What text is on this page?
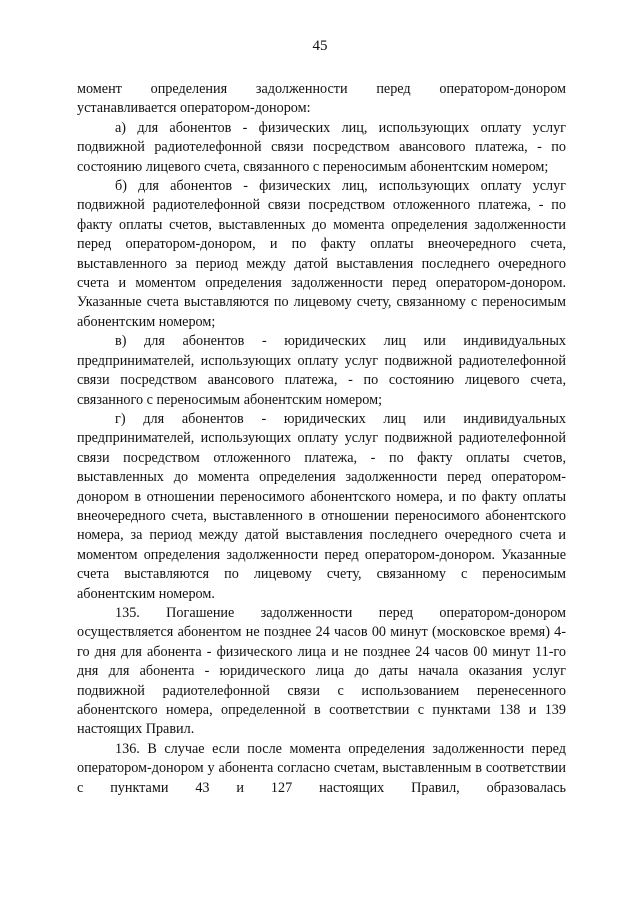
45

момент определения задолженности перед оператором-донором устанавливается оператором-донором:

а) для абонентов - физических лиц, использующих оплату услуг подвижной радиотелефонной связи посредством авансового платежа, - по состоянию лицевого счета, связанного с переносимым абонентским номером;

б) для абонентов - физических лиц, использующих оплату услуг подвижной радиотелефонной связи посредством отложенного платежа, - по факту оплаты счетов, выставленных до момента определения задолженности перед оператором-донором, и по факту оплаты внеочередного счета, выставленного за период между датой выставления последнего очередного счета и моментом определения задолженности перед оператором-донором. Указанные счета выставляются по лицевому счету, связанному с переносимым абонентским номером;

в) для абонентов - юридических лиц или индивидуальных предпринимателей, использующих оплату услуг подвижной радиотелефонной связи посредством авансового платежа, - по состоянию лицевого счета, связанного с переносимым абонентским номером;

г) для абонентов - юридических лиц или индивидуальных предпринимателей, использующих оплату услуг подвижной радиотелефонной связи посредством отложенного платежа, - по факту оплаты счетов, выставленных до момента определения задолженности перед оператором-донором в отношении переносимого абонентского номера, и по факту оплаты внеочередного счета, выставленного в отношении переносимого абонентского номера, за период между датой выставления последнего очередного счета и моментом определения задолженности перед оператором-донором. Указанные счета выставляются по лицевому счету, связанному с переносимым абонентским номером.

135. Погашение задолженности перед оператором-донором осуществляется абонентом не позднее 24 часов 00 минут (московское время) 4-го дня для абонента - физического лица и не позднее 24 часов 00 минут 11-го дня для абонента - юридического лица до даты начала оказания услуг подвижной радиотелефонной связи с использованием перенесенного абонентского номера, определенной в соответствии с пунктами 138 и 139 настоящих Правил.

136. В случае если после момента определения задолженности перед оператором-донором у абонента согласно счетам, выставленным в соответствии с пунктами 43 и 127 настоящих Правил, образовалась
